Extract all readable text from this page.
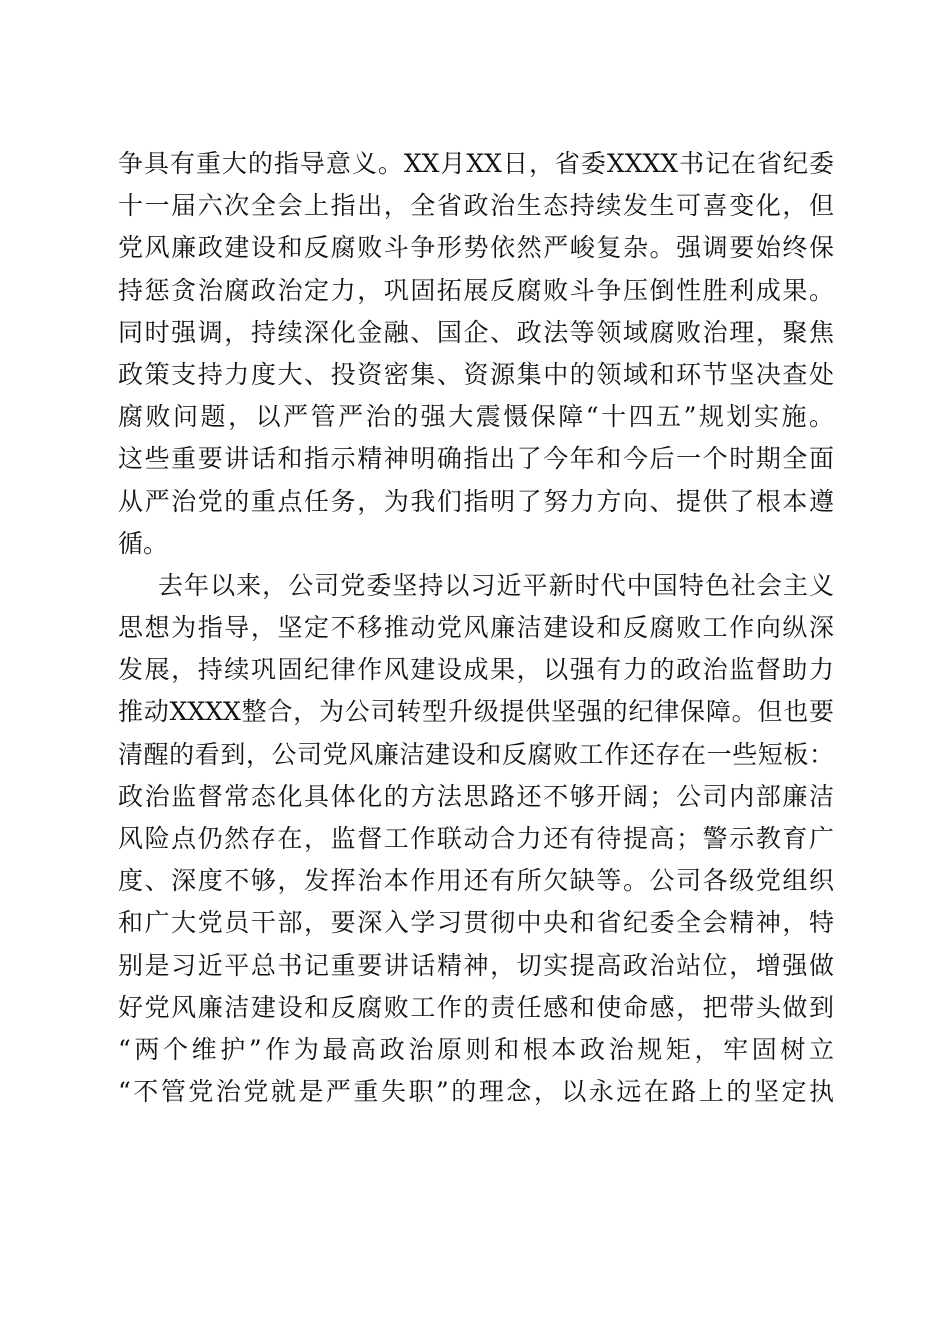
争具有重大的指导意义。XX月XX日，省委XXXX书记在省纪委
十一届六次全会上指出，全省政治生态持续发生可喜变化，但
党风廉政建设和反腐败斗争形势依然严峻复杂。强调要始终保
持惩贪治腐政治定力，巩固拓展反腐败斗争压倒性胜利成果。
同时强调，持续深化金融、国企、政法等领域腐败治理，聚焦
政策支持力度大、投资密集、资源集中的领域和环节坚决查处
腐败问题，以严管严治的强大震慑保障“十四五”规划实施。
这些重要讲话和指示精神明确指出了今年和今后一个时期全面
从严治党的重点任务，为我们指明了努力方向、提供了根本遵
循。
去年以来，公司党委坚持以习近平新时代中国特色社会主义
思想为指导，坚定不移推动党风廉洁建设和反腐败工作向纵深
发展，持续巩固纪律作风建设成果，以强有力的政治监督助力
推动XXXX整合，为公司转型升级提供坚强的纪律保障。但也要
清醒的看到，公司党风廉洁建设和反腐败工作还存在一些短板：
政治监督常态化具体化的方法思路还不够开阔；公司内部廉洁
风险点仍然存在，监督工作联动合力还有待提高；警示教育广
度、深度不够，发挥治本作用还有所欠缺等。公司各级党组织
和广大党员干部，要深入学习贯彻中央和省纪委全会精神，特
别是习近平总书记重要讲话精神，切实提高政治站位，增强做
好党风廉洁建设和反腐败工作的责任感和使命感，把带头做到
“两个维护”作为最高政治原则和根本政治规矩，牢固树立
“不管党治党就是严重失职”的理念，以永远在路上的坚定执
